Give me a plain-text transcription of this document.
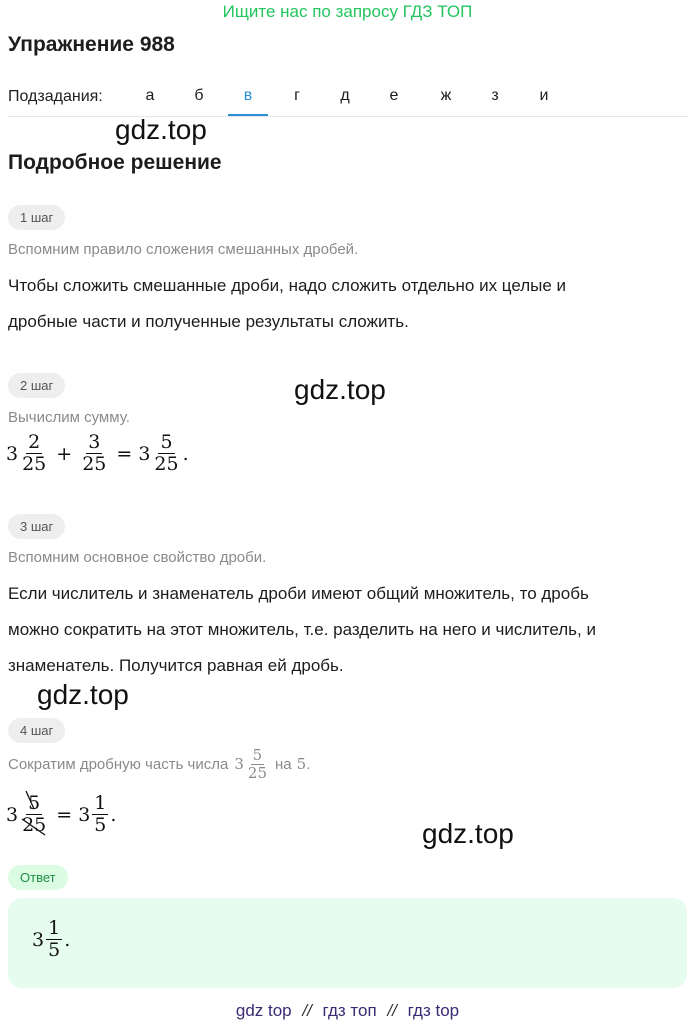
Ищите нас по запросу ГДЗ ТОП
Упражнение 988
Подзадания:	а	б	в	г	д	е	ж	з	и
gdz.top
Подробное решение
1 шаг
Вспомним правило сложения смешанных дробей.
Чтобы сложить смешанные дроби, надо сложить отдельно их целые и
дробные части и полученные результаты сложить.
2 шаг	gdz.top
Вычислим сумму.
$3 \frac{2}{25} + \frac{3}{25} = 3 \frac{5}{25}$ .
3 шаг
Вспомним основное свойство дроби.
Если числитель и знаменатель дроби имеют общий множитель, то дробь
можно сократить на этот множитель, т.е. разделить на него и числитель, и
знаменатель. Получится равная ей дробь.
gdz.top
4 шаг
Сократим дробную часть числа $3 \frac{5}{25}$ на 5 .
$3 \frac{5}{25} = 3 \frac{1}{5}$ .
gdz.top
Ответ
$3 \frac{1}{5}$ .
gdz top // гдз топ // гдз top
